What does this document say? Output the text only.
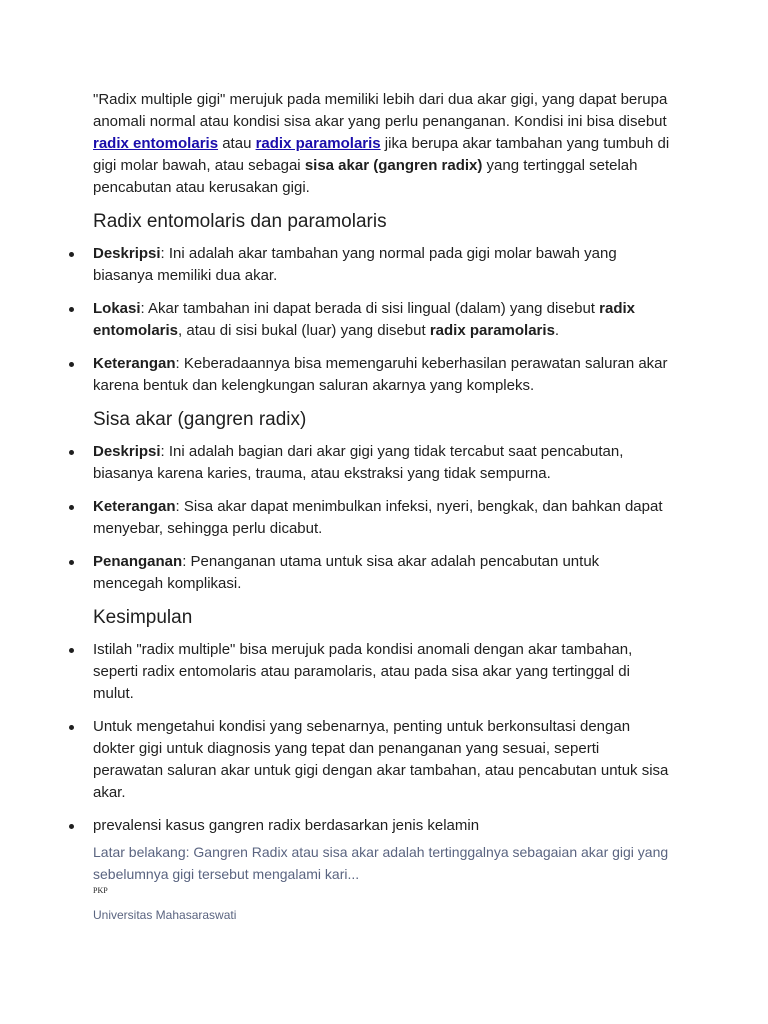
"Radix multiple gigi" merujuk pada memiliki lebih dari dua akar gigi, yang dapat berupa anomali normal atau kondisi sisa akar yang perlu penanganan. Kondisi ini bisa disebut radix entomolaris atau radix paramolaris jika berupa akar tambahan yang tumbuh di gigi molar bawah, atau sebagai sisa akar (gangren radix) yang tertinggal setelah pencabutan atau kerusakan gigi.

Radix entomolaris dan paramolaris
Deskripsi: Ini adalah akar tambahan yang normal pada gigi molar bawah yang biasanya memiliki dua akar.
Lokasi: Akar tambahan ini dapat berada di sisi lingual (dalam) yang disebut radix entomolaris, atau di sisi bukal (luar) yang disebut radix paramolaris.
Keterangan: Keberadaannya bisa memengaruhi keberhasilan perawatan saluran akar karena bentuk dan kelengkungan saluran akarnya yang kompleks.
Sisa akar (gangren radix)
Deskripsi: Ini adalah bagian dari akar gigi yang tidak tercabut saat pencabutan, biasanya karena karies, trauma, atau ekstraksi yang tidak sempurna.
Keterangan: Sisa akar dapat menimbulkan infeksi, nyeri, bengkak, dan bahkan dapat menyebar, sehingga perlu dicabut.
Penanganan: Penanganan utama untuk sisa akar adalah pencabutan untuk mencegah komplikasi.
Kesimpulan
Istilah "radix multiple" bisa merujuk pada kondisi anomali dengan akar tambahan, seperti radix entomolaris atau paramolaris, atau pada sisa akar yang tertinggal di mulut.
Untuk mengetahui kondisi yang sebenarnya, penting untuk berkonsultasi dengan dokter gigi untuk diagnosis yang tepat dan penanganan yang sesuai, seperti perawatan saluran akar untuk gigi dengan akar tambahan, atau pencabutan untuk sisa akar.
prevalensi kasus gangren radix berdasarkan jenis kelamin
Latar belakang: Gangren Radix atau sisa akar adalah tertinggalnya sebagaian akar gigi yang sebelumnya gigi tersebut mengalami kari...
PKP
Universitas Mahasaraswati
